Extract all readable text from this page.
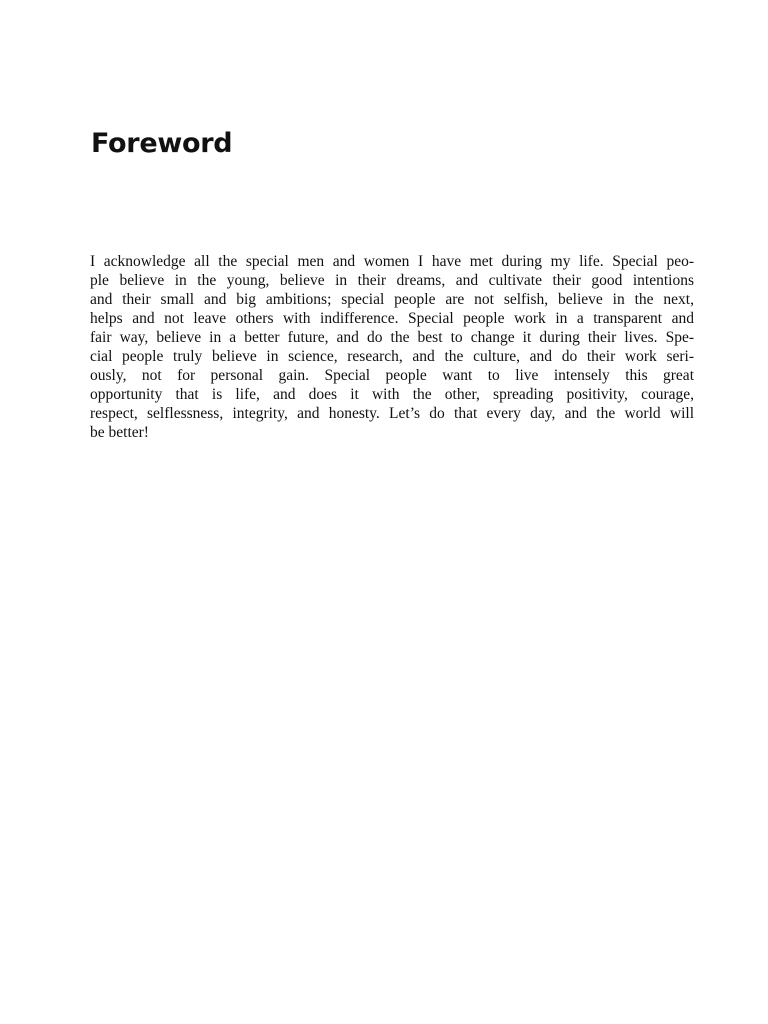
Foreword
I acknowledge all the special men and women I have met during my life. Special peo-
ple believe in the young, believe in their dreams, and cultivate their good intentions
and their small and big ambitions; special people are not selfish, believe in the next,
helps and not leave others with indifference. Special people work in a transparent and
fair way, believe in a better future, and do the best to change it during their lives. Spe-
cial people truly believe in science, research, and the culture, and do their work seri-
ously, not for personal gain. Special people want to live intensely this great
opportunity that is life, and does it with the other, spreading positivity, courage,
respect, selflessness, integrity, and honesty. Let’s do that every day, and the world will
be better!
